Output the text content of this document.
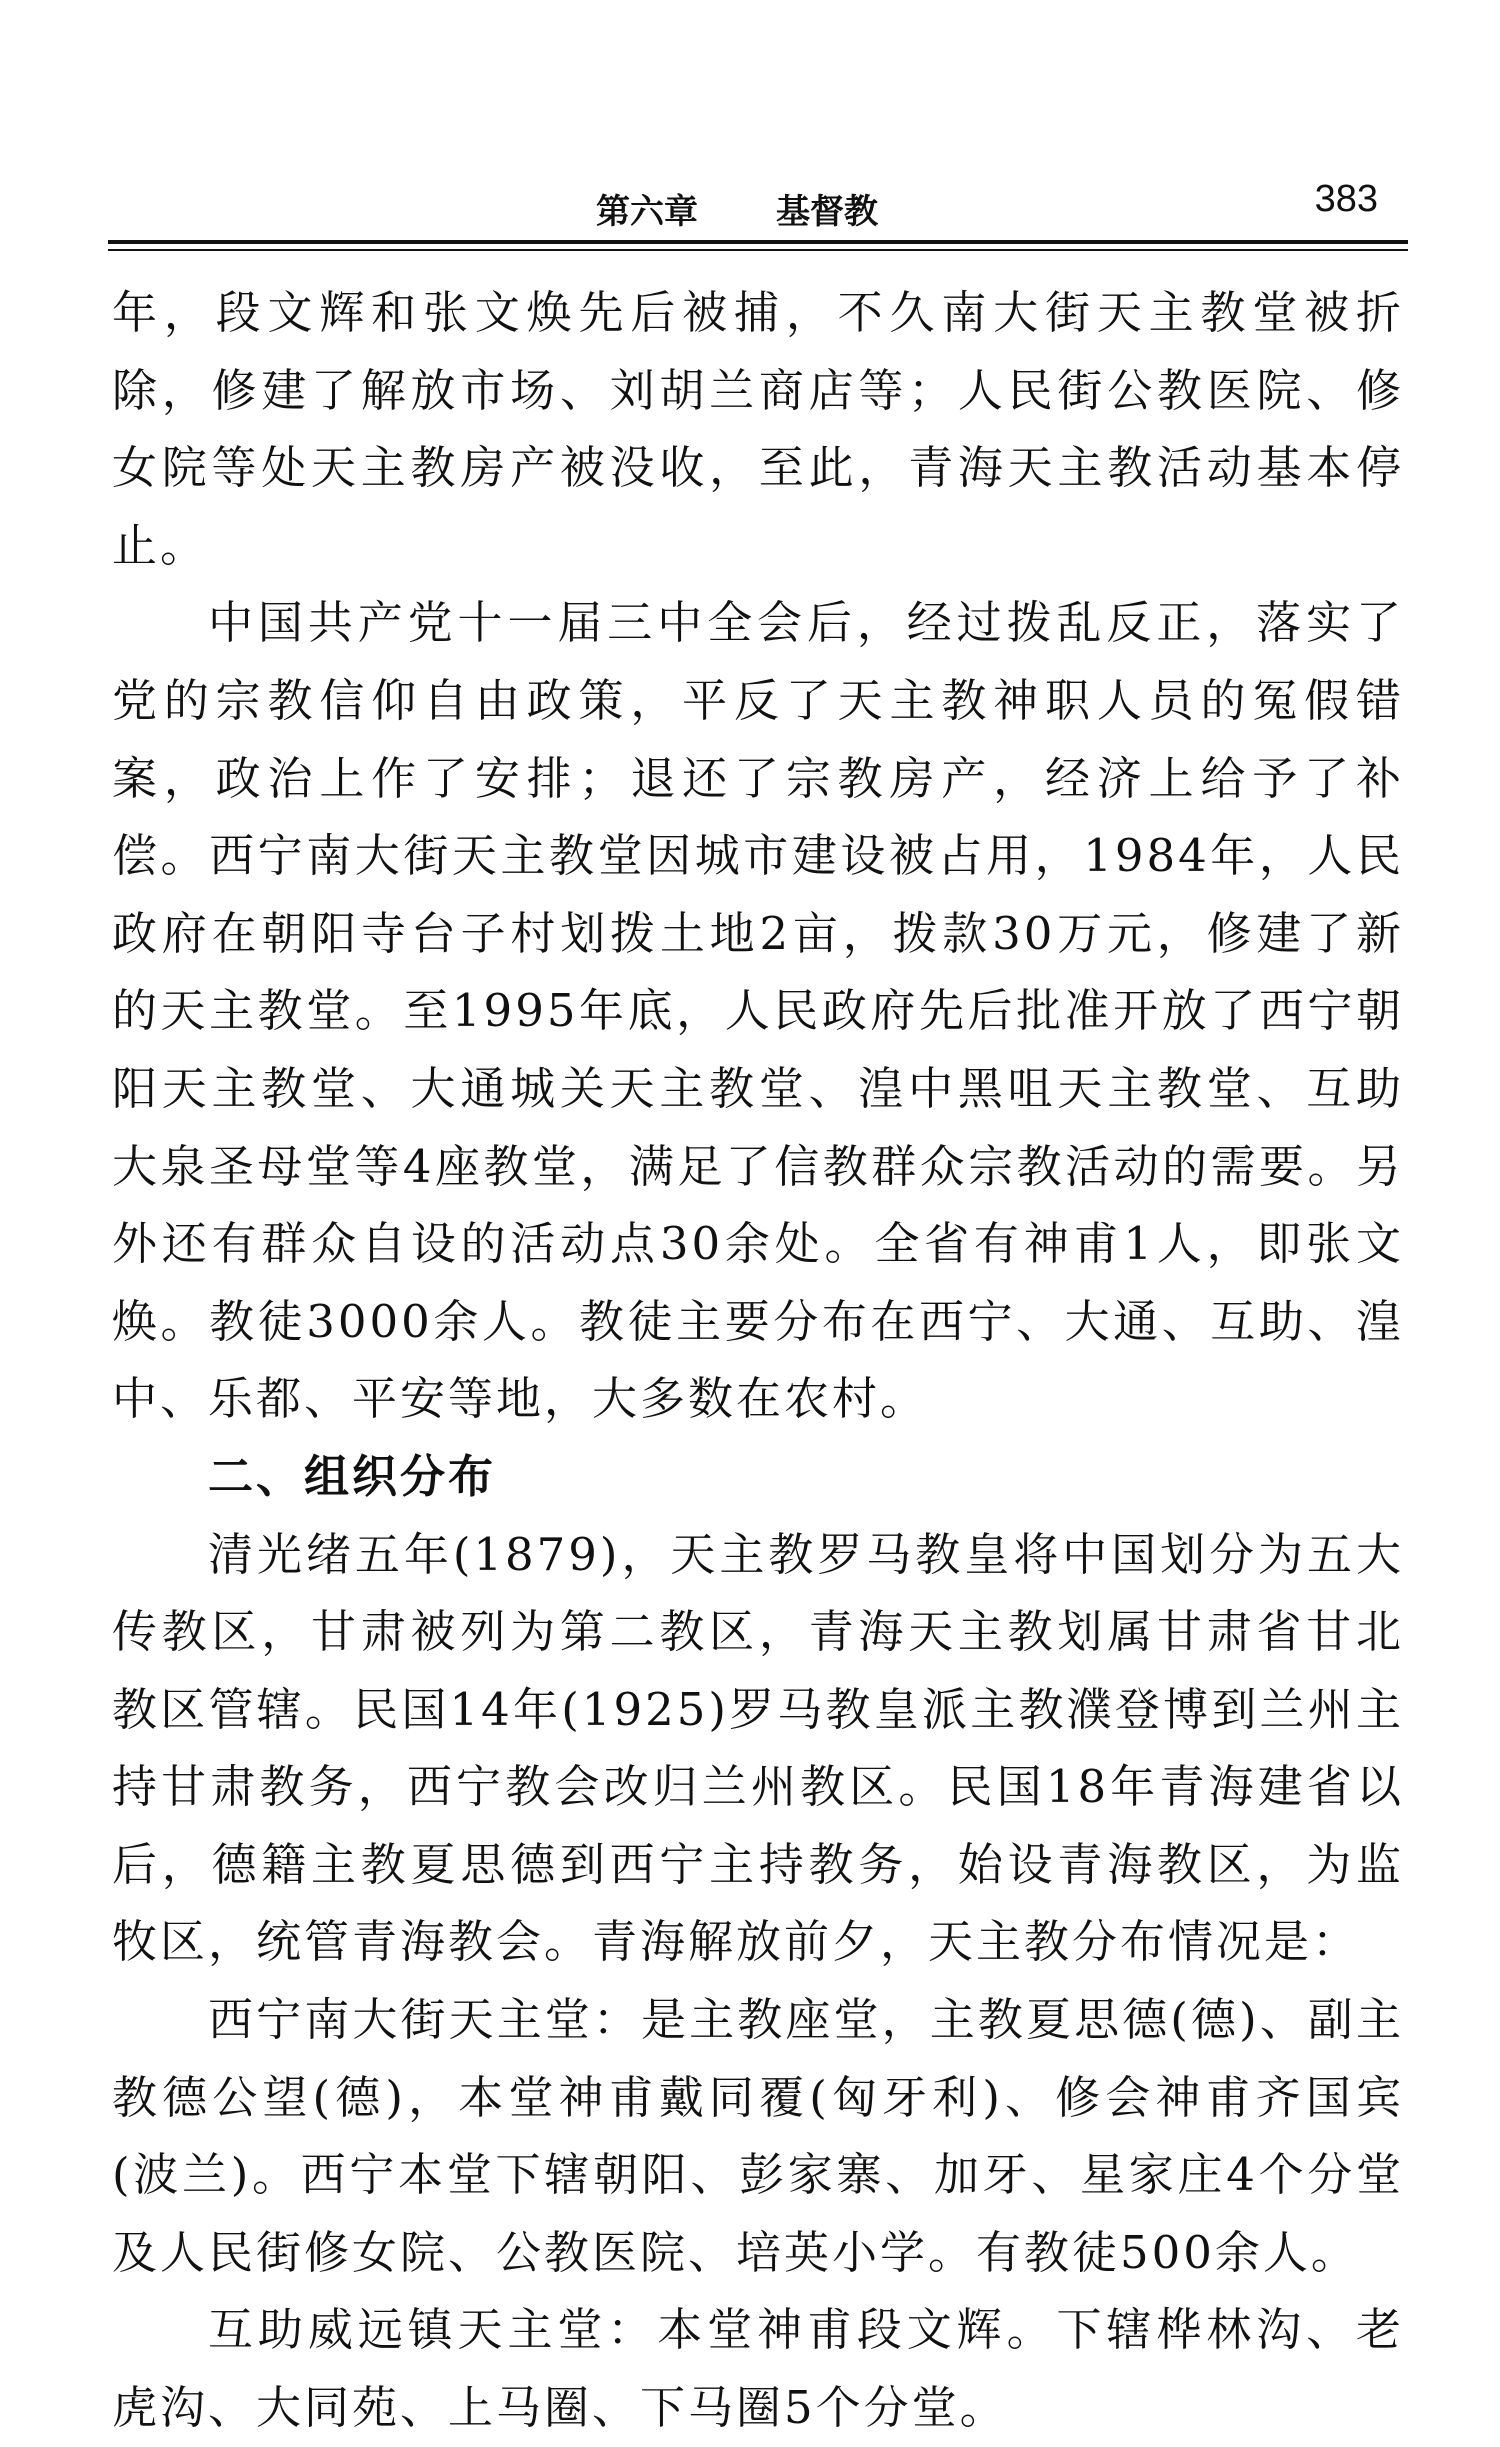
第六章 基督教	383

年，段文辉和张文焕先后被捕，不久南大街天主教堂被折除，修建了解放市场、刘胡兰商店等；人民街公教医院、修女院等处天主教房产被没收，至此，青海天主教活动基本停止。

中国共产党十一届三中全会后，经过拨乱反正，落实了党的宗教信仰自由政策，平反了天主教神职人员的冤假错案，政治上作了安排；退还了宗教房产，经济上给予了补偿。西宁南大街天主教堂因城市建设被占用，1984年，人民政府在朝阳寺台子村划拨土地2亩，拨款30万元，修建了新的天主教堂。至1995年底，人民政府先后批准开放了西宁朝阳天主教堂、大通城关天主教堂、湟中黑咀天主教堂、互助大泉圣母堂等4座教堂，满足了信教群众宗教活动的需要。另外还有群众自设的活动点30余处。全省有神甫1人，即张文焕。教徒3000余人。教徒主要分布在西宁、大通、互助、湟中、乐都、平安等地，大多数在农村。

二、组织分布

清光绪五年(1879)，天主教罗马教皇将中国划分为五大传教区，甘肃被列为第二教区，青海天主教划属甘肃省甘北教区管辖。民国14年(1925)罗马教皇派主教濮登博到兰州主持甘肃教务，西宁教会改归兰州教区。民国18年青海建省以后，德籍主教夏思德到西宁主持教务，始设青海教区，为监牧区，统管青海教会。青海解放前夕，天主教分布情况是：

西宁南大街天主堂：是主教座堂，主教夏思德(德)、副主教德公望(德)，本堂神甫戴同覆(匈牙利)、修会神甫齐国宾(波兰)。西宁本堂下辖朝阳、彭家寨、加牙、星家庄4个分堂及人民街修女院、公教医院、培英小学。有教徒500余人。

互助威远镇天主堂：本堂神甫段文辉。下辖桦林沟、老虎沟、大同苑、上马圈、下马圈5个分堂。
